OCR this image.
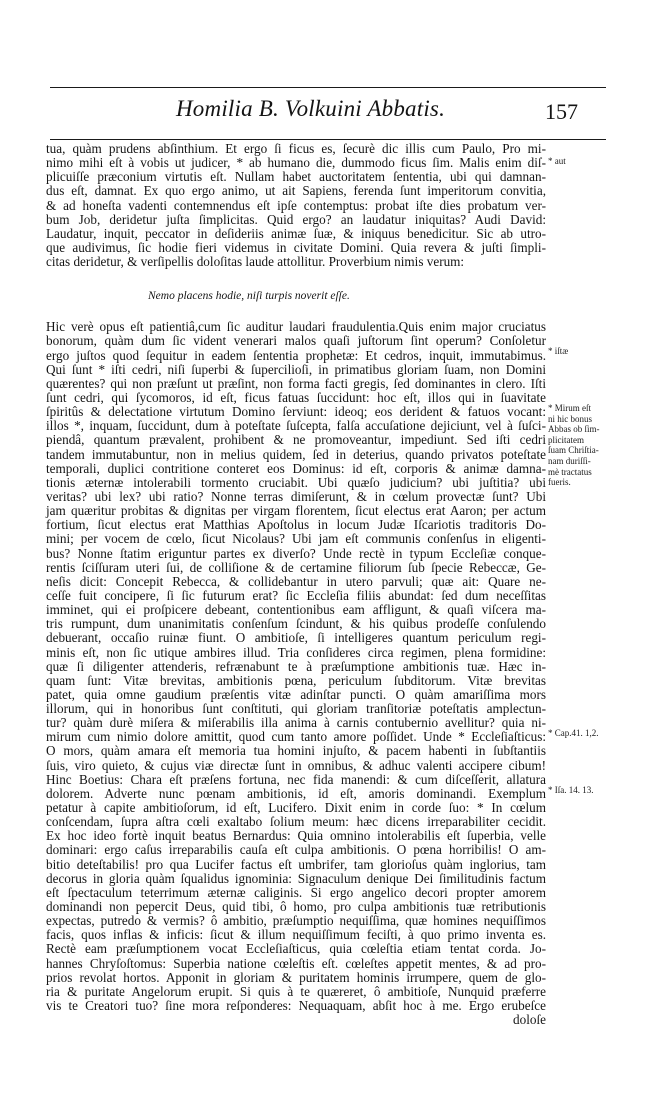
Homilia B. Volkuini Abbatis.	157
tua, quàm prudens abſinthium. Et ergo ſi ficus es, ſecurè dic illis cum Paulo, Pro mi-
nimo mihi eſt à vobis ut judicer, * ab humano die, dummodo ficus ſim. Malis enim diſ-
plicuiſſe præconium virtutis eſt. Nullam habet auctoritatem ſententia, ubi qui damnan-
dus eſt, damnat. Ex quo ergo animo, ut ait Sapiens, ferenda ſunt imperitorum convitia,
& ad honeſta vadenti contemnendus eſt ipſe contemptus: probat iſte dies probatum ver-
bum Job, deridetur juſta ſimplicitas. Quid ergo? an laudatur iniquitas? Audi David:
Laudatur, inquit, peccator in deſideriis animæ ſuæ, & iniquus benedicitur. Sic ab utro-
que audivimus, ſic hodie fieri videmus in civitate Domini. Quia revera & juſti ſimpli-
citas deridetur, & verſipellis doloſitas laude attollitur. Proverbium nimis verum:
Nemo placens hodie, niſi turpis noverit eſſe.
Hic verè opus eſt patientiâ,cum ſic auditur laudari fraudulentia.Quis enim major cruciatus
bonorum, quàm dum ſic vident venerari malos quaſi juſtorum ſint operum? Conſoletur
ergo juſtos quod ſequitur in eadem ſententia prophetæ: Et cedros, inquit, immutabimus.
Qui ſunt * iſti cedri, niſi ſuperbi & ſupercilioſi, in primatibus gloriam ſuam, non Domini
quærentes? qui non præſunt ut præſint, non forma facti gregis, ſed dominantes in clero. Iſti
ſunt cedri, qui ſycomoros, id eſt, ficus fatuas ſuccidunt: hoc eſt, illos qui in ſuavitate
ſpiritûs & delectatione virtutum Domino ſerviunt: ideoq; eos derident & fatuos vocant:
illos *, inquam, ſuccidunt, dum à poteſtate ſuſcepta, falſa accuſatione dejiciunt, vel à ſuſci-
piendâ, quantum prævalent, prohibent & ne promoveantur, impediunt. Sed iſti cedri
tandem immutabuntur, non in melius quidem, ſed in deterius, quando privatos poteſtate
temporali, duplici contritione conteret eos Dominus: id eſt, corporis & animæ damna-
tionis æternæ intolerabili tormento cruciabit. Ubi quæſo judicium? ubi juſtitia? ubi
veritas? ubi lex? ubi ratio? Nonne terras dimiſerunt, & in cœlum provectæ ſunt? Ubi
jam quæritur probitas & dignitas per virgam florentem, ſicut electus erat Aaron; per actum
fortium, ſicut electus erat Matthias Apoſtolus in locum Judæ Iſcariotis traditoris Do-
mini; per vocem de cœlo, ſicut Nicolaus? Ubi jam eſt communis conſenſus in eligenti-
bus? Nonne ſtatim eriguntur partes ex diverſo? Unde rectè in typum Eccleſiæ conque-
rentis ſciſſuram uteri ſui, de colliſione & de certamine filiorum ſub ſpecie Rebeccæ, Ge-
neſis dicit: Concepit Rebecca, & collidebantur in utero parvuli; quæ ait: Quare ne-
ceſſe fuit concipere, ſi ſic futurum erat? ſic Eccleſia filiis abundat: ſed dum neceſſitas
imminet, qui ei proſpicere debeant, contentionibus eam affligunt, & quaſi viſcera ma-
tris rumpunt, dum unanimitatis conſenſum ſcindunt, & his quibus prodeſſe conſulendo
debuerant, occaſio ruinæ fiunt. O ambitioſe, ſi intelligeres quantum periculum regi-
minis eſt, non ſic utique ambires illud. Tria conſideres circa regimen, plena formidine:
quæ ſi diligenter attenderis, refrænabunt te à præſumptione ambitionis tuæ. Hæc in-
quam ſunt: Vitæ brevitas, ambitionis pœna, periculum ſubditorum. Vitæ brevitas
patet, quia omne gaudium præſentis vitæ adinſtar puncti. O quàm amariſſima mors
illorum, qui in honoribus ſunt conſtituti, qui gloriam tranſitoriæ poteſtatis amplectun-
tur? quàm durè miſera & miſerabilis illa anima à carnis contubernio avellitur? quia ni-
mirum cum nimio dolore amittit, quod cum tanto amore poſſidet. Unde * Eccleſiaſticus:
O mors, quàm amara eſt memoria tua homini injuſto, & pacem habenti in ſubſtantiis
ſuis, viro quieto, & cujus viæ directæ ſunt in omnibus, & adhuc valenti accipere cibum!
Hinc Boetius: Chara eſt præſens fortuna, nec fida manendi: & cum diſceſſerit, allatura
dolorem. Adverte nunc pœnam ambitionis, id eſt, amoris dominandi. Exemplum
petatur à capite ambitioſorum, id eſt, Lucifero. Dixit enim in corde ſuo: * In cœlum
conſcendam, ſupra aſtra cœli exaltabo ſolium meum: hæc dicens irreparabiliter cecidit.
Ex hoc ideo fortè inquit beatus Bernardus: Quia omnino intolerabilis eſt ſuperbia, velle
dominari: ergo caſus irreparabilis cauſa eſt culpa ambitionis. O pœna horribilis! O am-
bitio deteſtabilis! pro qua Lucifer factus eſt umbrifer, tam glorioſus quàm inglorius, tam
decorus in gloria quàm ſqualidus ignominia: Signaculum denique Dei ſimilitudinis factum
eſt ſpectaculum teterrimum æternæ caliginis. Si ergo angelico decori propter amorem
dominandi non pepercit Deus, quid tibi, ô homo, pro culpa ambitionis tuæ retributionis
expectas, putredo & vermis? ô ambitio, præſumptio nequiſſima, quæ homines nequiſſimos
facis, quos inflas & inficis: ſicut & illum nequiſſimum feciſti, à quo primo inventa es.
Rectè eam præſumptionem vocat Eccleſiaſticus, quia cœleſtia etiam tentat corda. Jo-
hannes Chryſoſtomus: Superbia natione cœleſtis eſt. cœleſtes appetit mentes, & ad pro-
prios revolat hortos. Apponit in gloriam & puritatem hominis irrumpere, quem de glo-
ria & puritate Angelorum erupit. Si quis à te quæreret, ô ambitioſe, Nunquid præferre
vis te Creatori tuo? ſine mora reſponderes: Nequaquam, abſit hoc à me. Ergo erubeſce
doloſe
* aut
* iſtæ
* Mirum eſt
ni hic bonus
Abbas ob ſim-
plicitatem
ſuam Chriſtia-
nam duriſſi-
mè tractatus
fueris.
* Cap.41. 1,2.
* Iſa. 14. 13.
